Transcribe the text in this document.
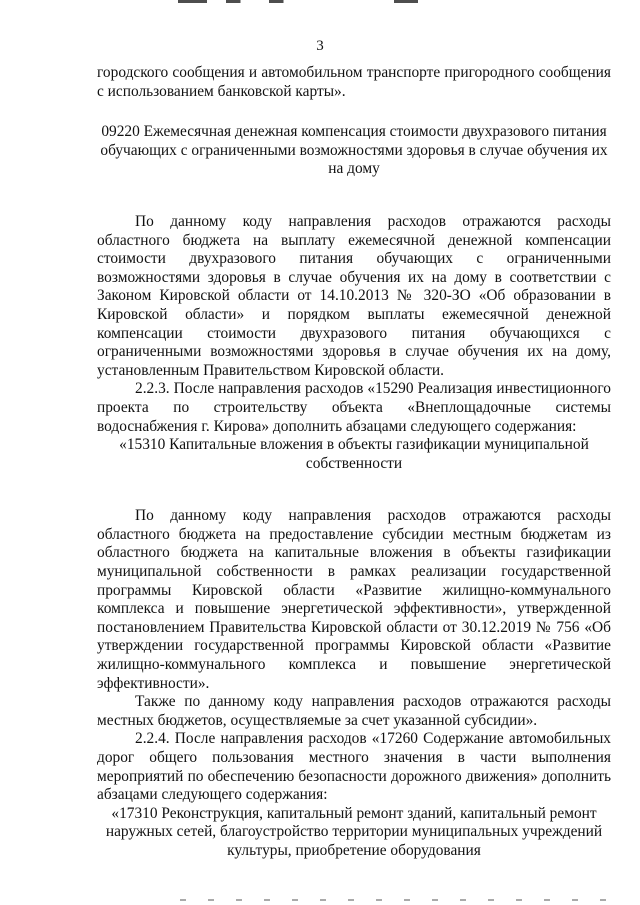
3

городского сообщения и автомобильном транспорте пригородного сообщения с использованием банковской карты».

09220 Ежемесячная денежная компенсация стоимости двухразового питания обучающих с ограниченными возможностями здоровья в случае обучения их на дому

По данному коду направления расходов отражаются расходы областного бюджета на выплату ежемесячной денежной компенсации стоимости двухразового питания обучающих с ограниченными возможностями здоровья в случае обучения их на дому в соответствии с Законом Кировской области от 14.10.2013 № 320-ЗО «Об образовании в Кировской области» и порядком выплаты ежемесячной денежной компенсации стоимости двухразового питания обучающихся с ограниченными возможностями здоровья в случае обучения их на дому, установленным Правительством Кировской области.

2.2.3. После направления расходов «15290 Реализация инвестиционного проекта по строительству объекта «Внеплощадочные системы водоснабжения г. Кирова» дополнить абзацами следующего содержания:

«15310 Капитальные вложения в объекты газификации муниципальной собственности

По данному коду направления расходов отражаются расходы областного бюджета на предоставление субсидии местным бюджетам из областного бюджета на капитальные вложения в объекты газификации муниципальной собственности в рамках реализации государственной программы Кировской области «Развитие жилищно-коммунального комплекса и повышение энергетической эффективности», утвержденной постановлением Правительства Кировской области от 30.12.2019 № 756 «Об утверждении государственной программы Кировской области «Развитие жилищно-коммунального комплекса и повышение энергетической эффективности».

Также по данному коду направления расходов отражаются расходы местных бюджетов, осуществляемые за счет указанной субсидии».

2.2.4. После направления расходов «17260 Содержание автомобильных дорог общего пользования местного значения в части выполнения мероприятий по обеспечению безопасности дорожного движения» дополнить абзацами следующего содержания:

«17310 Реконструкция, капитальный ремонт зданий, капитальный ремонт наружных сетей, благоустройство территории муниципальных учреждений культуры, приобретение оборудования
